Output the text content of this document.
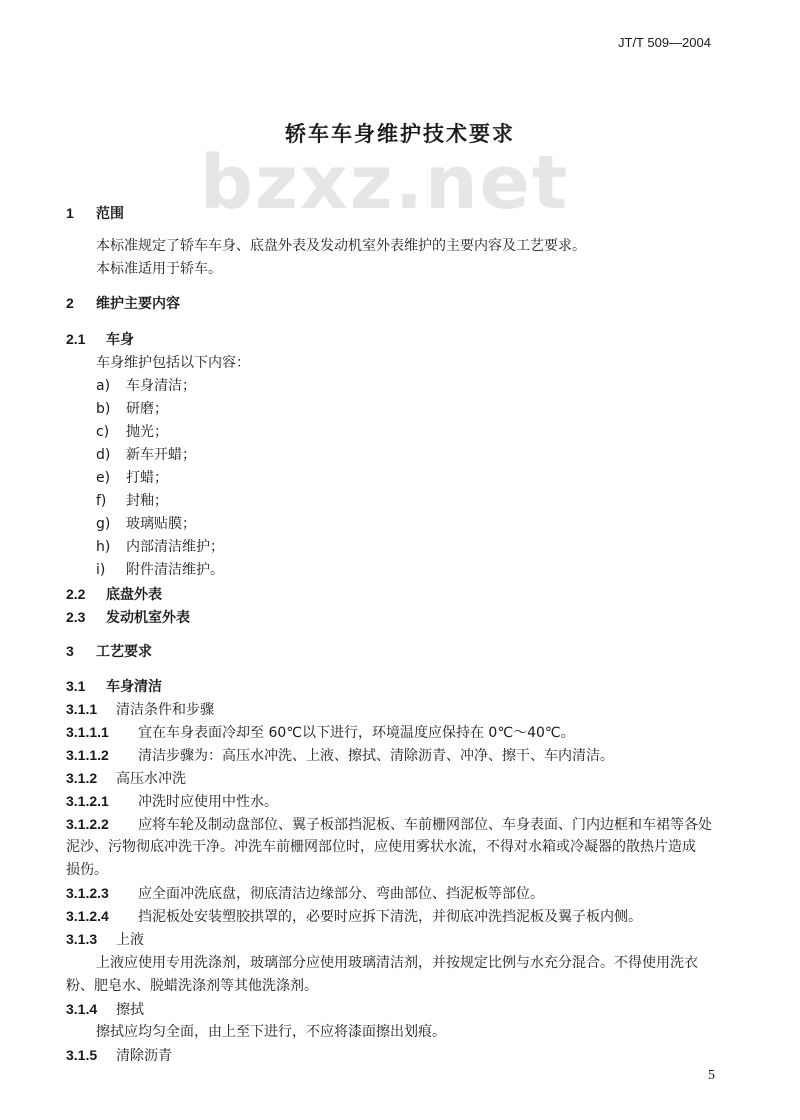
JT/T 509—2004
bzxz.net
轿车车身维护技术要求
1 范围
本标准规定了轿车车身、底盘外表及发动机室外表维护的主要内容及工艺要求。
本标准适用于轿车。
2 维护主要内容
2.1 车身
车身维护包括以下内容：
a) 车身清洁；
b) 研磨；
c) 抛光；
d) 新车开蜡；
e) 打蜡；
f) 封釉；
g) 玻璃贴膜；
h) 内部清洁维护；
i) 附件清洁维护。
2.2 底盘外表
2.3 发动机室外表
3 工艺要求
3.1 车身清洁
3.1.1 清洁条件和步骤
3.1.1.1 宜在车身表面冷却至 60℃以下进行，环境温度应保持在 0℃～40℃。
3.1.1.2 清洁步骤为：高压水冲洗、上液、擦拭、清除沥青、冲净、擦干、车内清洁。
3.1.2 高压水冲洗
3.1.2.1 冲洗时应使用中性水。
3.1.2.2 应将车轮及制动盘部位、翼子板部挡泥板、车前栅网部位、车身表面、门内边框和车裙等各处
泥沙、污物彻底冲洗干净。冲洗车前栅网部位时，应使用雾状水流，不得对水箱或冷凝器的散热片造成
损伤。
3.1.2.3 应全面冲洗底盘，彻底清洁边缘部分、弯曲部位、挡泥板等部位。
3.1.2.4 挡泥板处安装塑胶拱罩的，必要时应拆下清洗，并彻底冲洗挡泥板及翼子板内侧。
3.1.3 上液
上液应使用专用洗涤剂，玻璃部分应使用玻璃清洁剂，并按规定比例与水充分混合。不得使用洗衣
粉、肥皂水、脱蜡洗涤剂等其他洗涤剂。
3.1.4 擦拭
擦拭应均匀全面，由上至下进行，不应将漆面擦出划痕。
3.1.5 清除沥青
5
